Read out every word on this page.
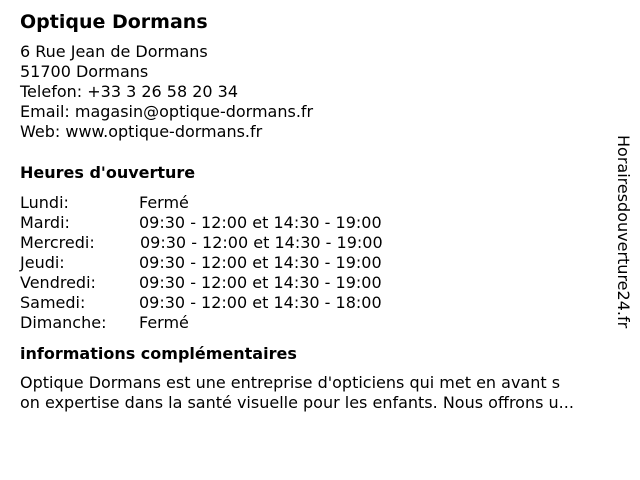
Optique Dormans
6 Rue Jean de Dormans
51700 Dormans
Telefon: +33 3 26 58 20 34
Email: magasin@optique-dormans.fr
Web: www.optique-dormans.fr
Heures d'ouverture
Lundi:	Fermé
Mardi:	09:30 - 12:00 et 14:30 - 19:00
Mercredi:	09:30 - 12:00 et 14:30 - 19:00
Jeudi:	09:30 - 12:00 et 14:30 - 19:00
Vendredi:	09:30 - 12:00 et 14:30 - 19:00
Samedi:	09:30 - 12:00 et 14:30 - 18:00
Dimanche:	Fermé
informations complémentaires
Optique Dormans est une entreprise d'opticiens qui met en avant s
on expertise dans la santé visuelle pour les enfants. Nous offrons u...
Horairesdouverture24.fr
